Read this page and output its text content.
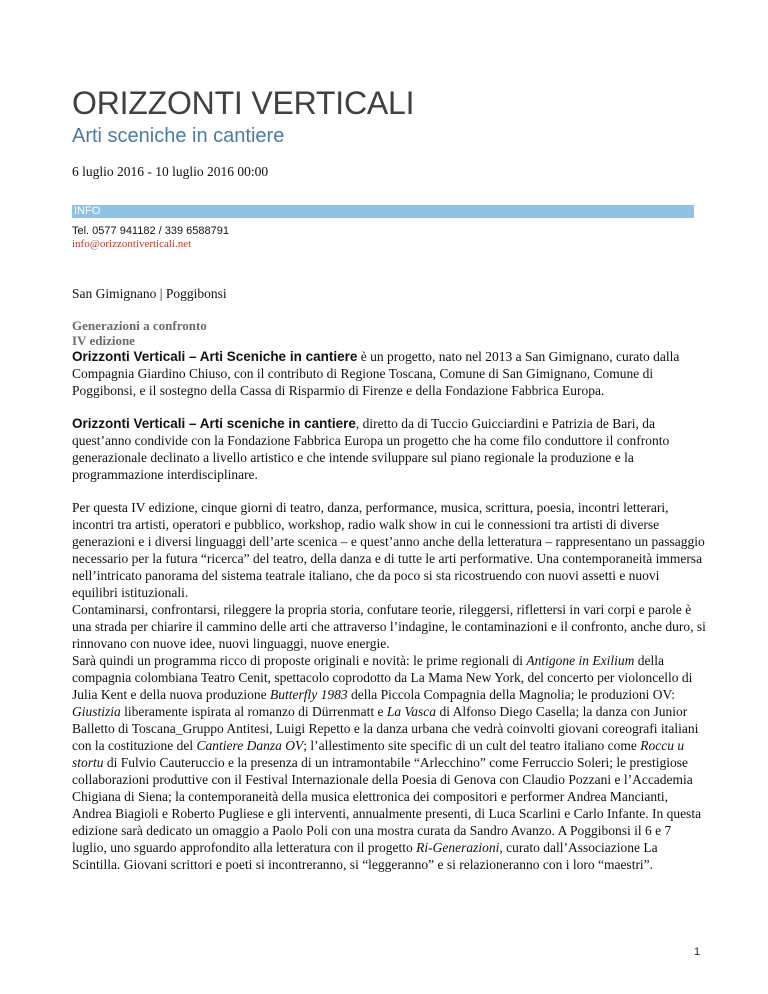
ORIZZONTI VERTICALI
Arti sceniche in cantiere
6 luglio 2016 - 10 luglio 2016 00:00
INFO
Tel. 0577 941182 / 339 6588791
info@orizzontiverticali.net
San Gimignano | Poggibonsi
Generazioni a confronto
IV edizione

Orizzonti Verticali – Arti Sceniche in cantiere è un progetto, nato nel 2013 a San Gimignano, curato dalla Compagnia Giardino Chiuso, con il contributo di Regione Toscana, Comune di San Gimignano, Comune di Poggibonsi, e il sostegno della Cassa di Risparmio di Firenze e della Fondazione Fabbrica Europa.

Orizzonti Verticali – Arti sceniche in cantiere, diretto da di Tuccio Guicciardini e Patrizia de Bari, da quest’anno condivide con la Fondazione Fabbrica Europa un progetto che ha come filo conduttore il confronto generazionale declinato a livello artistico e che intende sviluppare sul piano regionale la produzione e la programmazione interdisciplinare.

Per questa IV edizione, cinque giorni di teatro, danza, performance, musica, scrittura, poesia, incontri letterari, incontri tra artisti, operatori e pubblico, workshop, radio walk show in cui le connessioni tra artisti di diverse generazioni e i diversi linguaggi dell’arte scenica – e quest’anno anche della letteratura – rappresentano un passaggio necessario per la futura “ricerca” del teatro, della danza e di tutte le arti performative. Una contemporaneità immersa nell’intricato panorama del sistema teatrale italiano, che da poco si sta ricostruendo con nuovi assetti e nuovi equilibri istituzionali.

Contaminarsi, confrontarsi, rileggere la propria storia, confutare teorie, rileggersi, riflettersi in vari corpi e parole è una strada per chiarire il cammino delle arti che attraverso l’indagine, le contaminazioni e il confronto, anche duro, si rinnovano con nuove idee, nuovi linguaggi, nuove energie.

Sarà quindi un programma ricco di proposte originali e novità: le prime regionali di Antigone in Exilium della compagnia colombiana Teatro Cenit, spettacolo coprodotto da La Mama New York, del concerto per violoncello di Julia Kent e della nuova produzione Butterfly 1983 della Piccola Compagnia della Magnolia; le produzioni OV: Giustizia liberamente ispirata al romanzo di Dürrenmatt e La Vasca di Alfonso Diego Casella; la danza con Junior Balletto di Toscana_Gruppo Antitesi, Luigi Repetto e la danza urbana che vedrà coinvolti giovani coreografi italiani con la costituzione del Cantiere Danza OV; l’allestimento site specific di un cult del teatro italiano come Roccu u stortu di Fulvio Cauteruccio e la presenza di un intramontabile “Arlecchino” come Ferruccio Soleri; le prestigiose collaborazioni produttive con il Festival Internazionale della Poesia di Genova con Claudio Pozzani e l’Accademia Chigiana di Siena; la contemporaneità della musica elettronica dei compositori e performer Andrea Mancianti, Andrea Biagioli e Roberto Pugliese e gli interventi, annualmente presenti, di Luca Scarlini e Carlo Infante. In questa edizione sarà dedicato un omaggio a Paolo Poli con una mostra curata da Sandro Avanzo. A Poggibonsi il 6 e 7 luglio, uno sguardo approfondito alla letteratura con il progetto Ri-Generazioni, curato dall’Associazione La Scintilla. Giovani scrittori e poeti si incontreranno, si “leggeranno” e si relazioneranno con i loro “maestri”.

1
